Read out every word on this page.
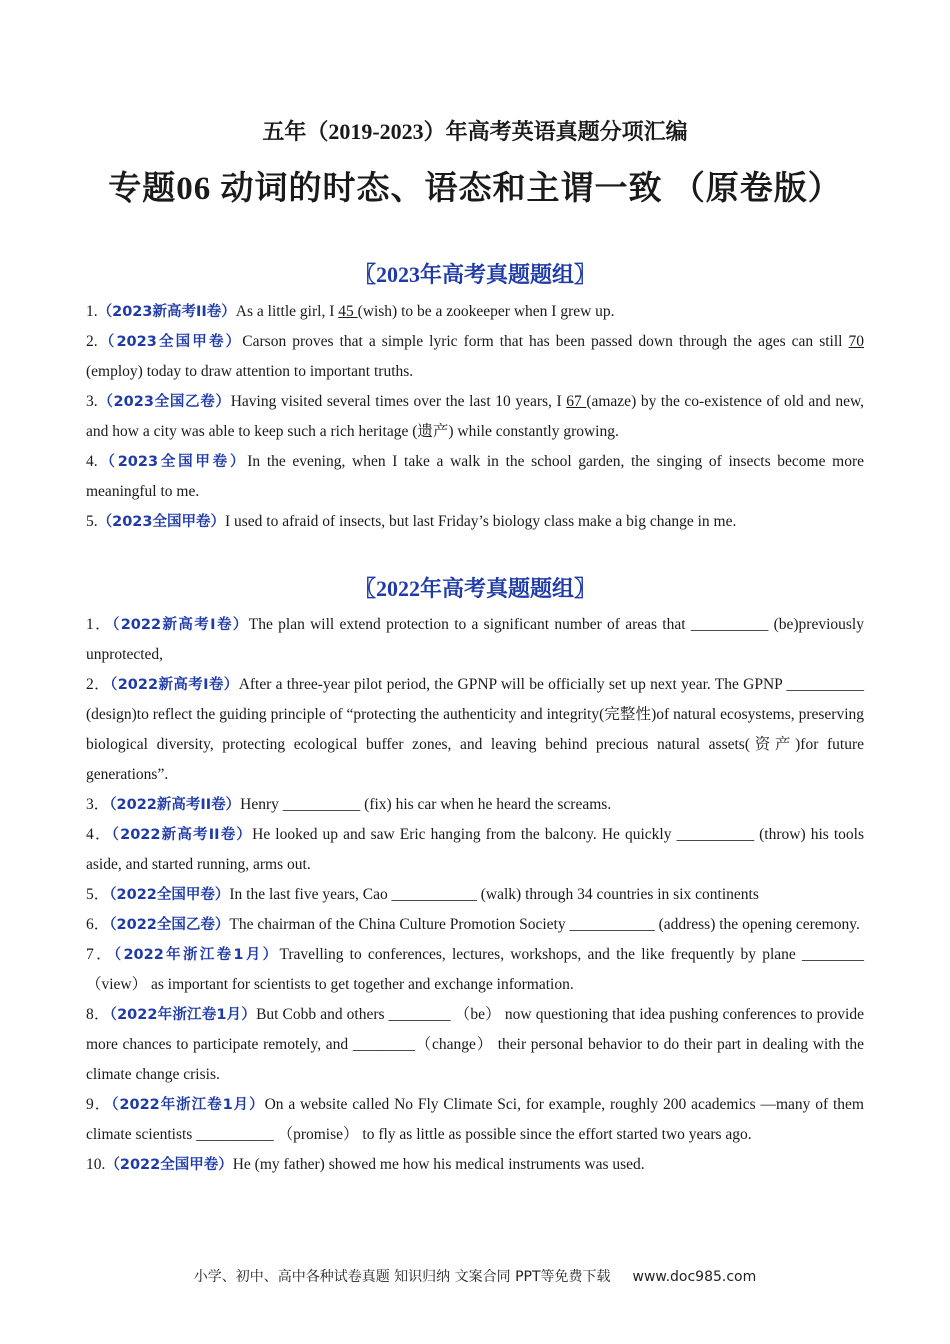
五年（2019-2023）年高考英语真题分项汇编
专题06 动词的时态、语态和主谓一致 （原卷版）
〖2023年高考真题题组〗

1.（2023新高考II卷）As a little girl, I 45 (wish) to be a zookeeper when I grew up.

2.（2023全国甲卷）Carson proves that a simple lyric form that has been passed down through the ages can still 70 (employ) today to draw attention to important truths.

3.（2023全国乙卷）Having visited several times over the last 10 years, I 67 (amaze) by the co-existence of old and new, and how a city was able to keep such a rich heritage (遗产) while constantly growing.

4.（2023全国甲卷）In the evening, when I take a walk in the school garden, the singing of insects become more meaningful to me.

5.（2023全国甲卷）I used to afraid of insects, but last Friday’s biology class make a big change in me.

〖2022年高考真题题组〗

1．（2022新高考I卷）The plan will extend protection to a significant number of areas that __________ (be)previously unprotected,

2．（2022新高考I卷）After a three-year pilot period, the GPNP will be officially set up next year. The GPNP __________ (design)to reflect the guiding principle of “protecting the authenticity and integrity(完整性)of natural ecosystems, preserving biological diversity, protecting ecological buffer zones, and leaving behind precious natural assets(资产)for future generations”.

3．（2022新高考II卷）Henry __________ (fix) his car when he heard the screams.

4．（2022新高考II卷）He looked up and saw Eric hanging from the balcony. He quickly __________ (throw) his tools aside, and started running, arms out.

5．（2022全国甲卷）In the last five years, Cao ___________ (walk) through 34 countries in six continents

6．（2022全国乙卷）The chairman of the China Culture Promotion Society ___________ (address) the opening ceremony.

7．（2022年浙江卷1月）Travelling to conferences, lectures, workshops, and the like frequently by plane ________（view） as important for scientists to get together and exchange information.

8．（2022年浙江卷1月）But Cobb and others ________ （be） now questioning that idea pushing conferences to provide more chances to participate remotely, and ________（change） their personal behavior to do their part in dealing with the climate change crisis.

9．（2022年浙江卷1月）On a website called No Fly Climate Sci, for example, roughly 200 academics —many of them climate scientists __________ （promise） to fly as little as possible since the effort started two years ago.

10.（2022全国甲卷）He (my father) showed me how his medical instruments was used.

小学、初中、高中各种试卷真题 知识归纳 文案合同 PPT等免费下载 www.doc985.com
